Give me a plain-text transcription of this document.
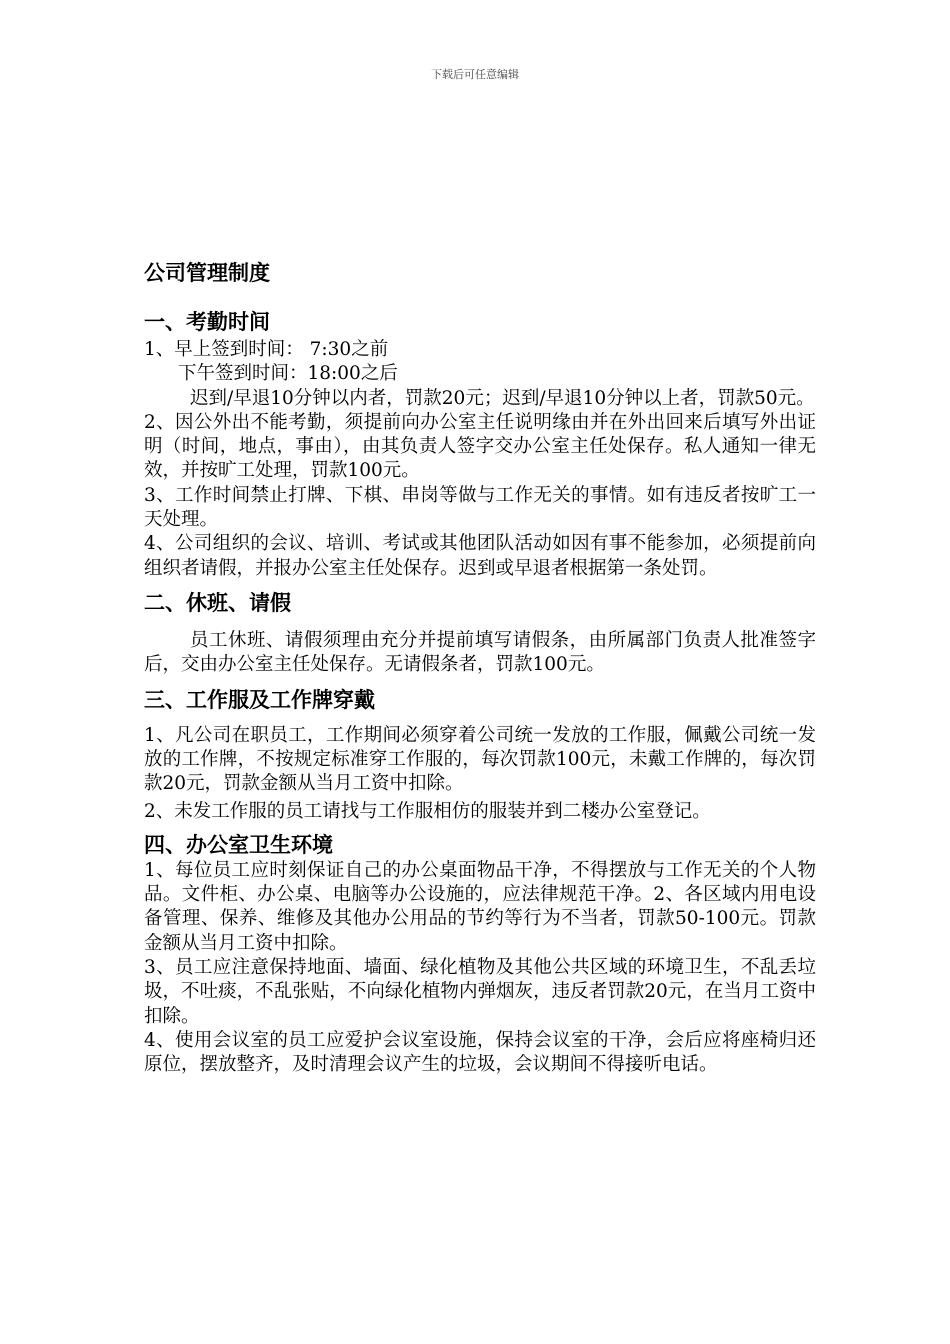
下载后可任意编辑
公司管理制度
一、考勤时间

1、早上签到时间： 7:30之前

下午签到时间：18:00之后

迟到/早退10分钟以内者，罚款20元；迟到/早退10分钟以上者，罚款50元。

2、因公外出不能考勤，须提前向办公室主任说明缘由并在外出回来后填写外出证明（时间，地点，事由），由其负责人签字交办公室主任处保存。私人通知一律无效，并按旷工处理，罚款100元。

3、工作时间禁止打牌、下棋、串岗等做与工作无关的事情。如有违反者按旷工一天处理。

4、公司组织的会议、培训、考试或其他团队活动如因有事不能参加，必须提前向组织者请假，并报办公室主任处保存。迟到或早退者根据第一条处罚。

二、休班、请假

员工休班、请假须理由充分并提前填写请假条，由所属部门负责人批准签字后，交由办公室主任处保存。无请假条者，罚款100元。

三、工作服及工作牌穿戴

1、凡公司在职员工，工作期间必须穿着公司统一发放的工作服，佩戴公司统一发放的工作牌，不按规定标准穿工作服的，每次罚款100元，未戴工作牌的，每次罚款20元，罚款金额从当月工资中扣除。

2、未发工作服的员工请找与工作服相仿的服装并到二楼办公室登记。

四、办公室卫生环境

1、每位员工应时刻保证自己的办公桌面物品干净，不得摆放与工作无关的个人物品。文件柜、办公桌、电脑等办公设施的，应法律规范干净。2、各区域内用电设备管理、保养、维修及其他办公用品的节约等行为不当者，罚款50-100元。罚款金额从当月工资中扣除。

3、员工应注意保持地面、墙面、绿化植物及其他公共区域的环境卫生，不乱丢垃圾，不吐痰，不乱张贴，不向绿化植物内弹烟灰，违反者罚款20元，在当月工资中扣除。

4、使用会议室的员工应爱护会议室设施，保持会议室的干净，会后应将座椅归还原位，摆放整齐，及时清理会议产生的垃圾，会议期间不得接听电话。
